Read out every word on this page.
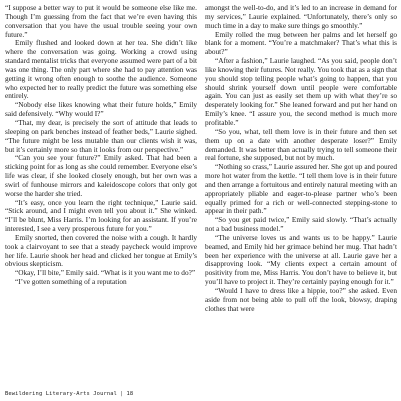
“I suppose a better way to put it would be someone else like me. Though I’m guessing from the fact that we’re even having this conversation that you have the usual trouble seeing your own future.”

Emily flushed and looked down at her tea. She didn’t like where the conversation was going. Working a crowd using standard mentalist tricks that everyone assumed were part of a bit was one thing. The only part where she had to pay attention was getting it wrong often enough to soothe the audience. Someone who expected her to really predict the future was something else entirely.

“Nobody else likes knowing what their future holds,” Emily said defensively. “Why would I?”

“That, my dear, is precisely the sort of attitude that leads to sleeping on park benches instead of feather beds,” Laurie sighed. “The future might be less mutable than our clients wish it was, but it’s certainly more so than it looks from our perspective.”

“Can you see your future?” Emily asked. That had been a sticking point for as long as she could remember. Everyone else’s life was clear, if she looked closely enough, but her own was a swirl of funhouse mirrors and kaleidoscope colors that only got worse the harder she tried.

“It’s easy, once you learn the right technique,” Laurie said. “Stick around, and I might even tell you about it.” She winked. “I’ll be blunt, Miss Harris. I’m looking for an assistant. If you’re interested, I see a very prosperous future for you.”

Emily snorted, then covered the noise with a cough. It hardly took a clairvoyant to see that a steady paycheck would improve her life. Laurie shook her head and clicked her tongue at Emily’s obvious skepticism.

“Okay, I’ll bite,” Emily said. “What is it you want me to do?”

“I’ve gotten something of a reputation

amongst the well-to-do, and it’s led to an increase in demand for my services,” Laurie explained. “Unfortunately, there’s only so much time in a day to make sure things go smoothly.”

Emily rolled the mug between her palms and let herself go blank for a moment. “You’re a matchmaker? That’s what this is about?”

“After a fashion,” Laurie laughed. “As you said, people don’t like knowing their futures. Not really. You took that as a sign that you should stop telling people what’s going to happen, that you should shrink yourself down until people were comfortable again. You can just as easily set them up with what they’re so desperately looking for.” She leaned forward and put her hand on Emily’s knee. “I assure you, the second method is much more profitable.”

“So you, what, tell them love is in their future and then set them up on a date with another desperate loser?” Emily demanded. It was better than actually trying to tell someone their real fortune, she supposed, but not by much.

“Nothing so crass,” Laurie assured her. She got up and poured more hot water from the kettle. “I tell them love is in their future and then arrange a fortuitous and entirely natural meeting with an appropriately pliable and eager-to-please partner who’s been equally primed for a rich or well-connected stepping-stone to appear in their path.”

“So you get paid twice,” Emily said slowly. “That’s actually not a bad business model.”

“The universe loves us and wants us to be happy.” Laurie beamed, and Emily hid her grimace behind her mug. That hadn’t been her experience with the universe at all. Laurie gave her a disapproving look. “My clients expect a certain amount of positivity from me, Miss Harris. You don’t have to believe it, but you’ll have to project it. They’re certainly paying enough for it.”

“Would I have to dress like a hippie, too?” she asked. Even aside from not being able to pull off the look, blowsy, draping clothes that were

Bewildering Literary-Arts Journal | 18
